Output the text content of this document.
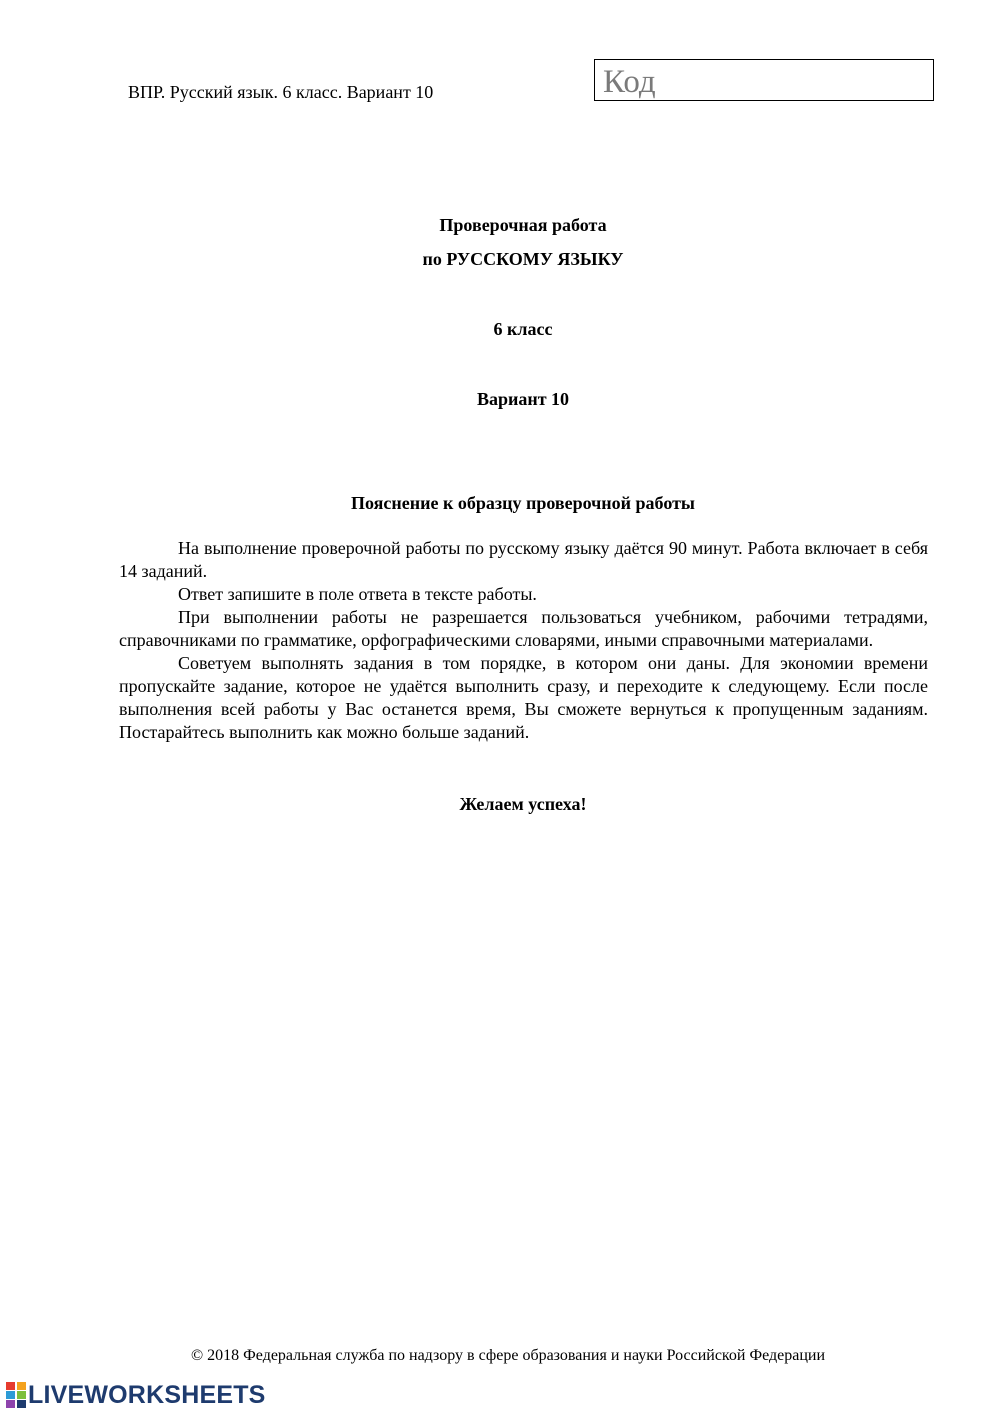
ВПР. Русский язык. 6 класс. Вариант 10	Код
Проверочная работа
по РУССКОМУ ЯЗЫКУ
6 класс
Вариант 10
Пояснение к образцу проверочной работы

На выполнение проверочной работы по русскому языку даётся 90 минут. Работа включает в себя 14 заданий.

Ответ запишите в поле ответа в тексте работы.

При выполнении работы не разрешается пользоваться учебником, рабочими тетрадями, справочниками по грамматике, орфографическими словарями, иными справочными материалами.

Советуем выполнять задания в том порядке, в котором они даны. Для экономии времени пропускайте задание, которое не удаётся выполнить сразу, и переходите к следующему. Если после выполнения всей работы у Вас останется время, Вы сможете вернуться к пропущенным заданиям. Постарайтесь выполнить как можно больше заданий.

Желаем успеха!
© 2018 Федеральная служба по надзору в сфере образования и науки Российской Федерации
LIVEWORKSHEETS
